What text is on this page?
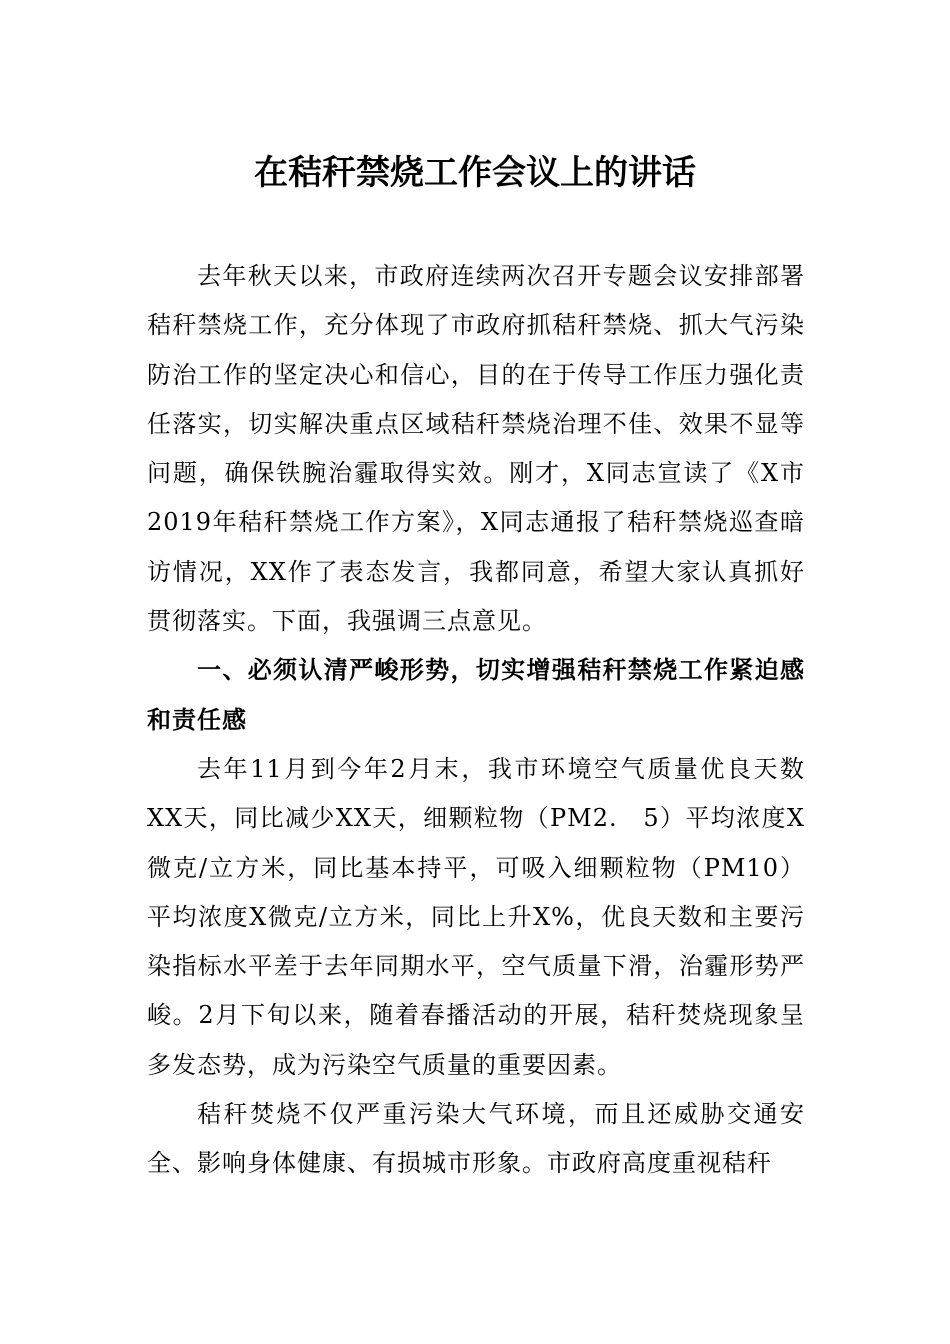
在秸秆禁烧工作会议上的讲话

去年秋天以来，市政府连续两次召开专题会议安排部署秸秆禁烧工作，充分体现了市政府抓秸秆禁烧、抓大气污染防治工作的坚定决心和信心，目的在于传导工作压力强化责任落实，切实解决重点区域秸秆禁烧治理不佳、效果不显等问题，确保铁腕治霾取得实效。刚才，X同志宣读了《X市2019年秸秆禁烧工作方案》，X同志通报了秸秆禁烧巡查暗访情况，XX作了表态发言，我都同意，希望大家认真抓好贯彻落实。下面，我强调三点意见。

一、必须认清严峻形势，切实增强秸秆禁烧工作紧迫感和责任感

去年11月到今年2月末，我市环境空气质量优良天数XX天，同比减少XX天，细颗粒物（PM2.　5）平均浓度X微克/立方米，同比基本持平，可吸入细颗粒物（PM10）平均浓度X微克/立方米，同比上升X%，优良天数和主要污染指标水平差于去年同期水平，空气质量下滑，治霾形势严峻。2月下旬以来，随着春播活动的开展，秸秆焚烧现象呈多发态势，成为污染空气质量的重要因素。

秸秆焚烧不仅严重污染大气环境，而且还威胁交通安全、影响身体健康、有损城市形象。市政府高度重视秸秆
